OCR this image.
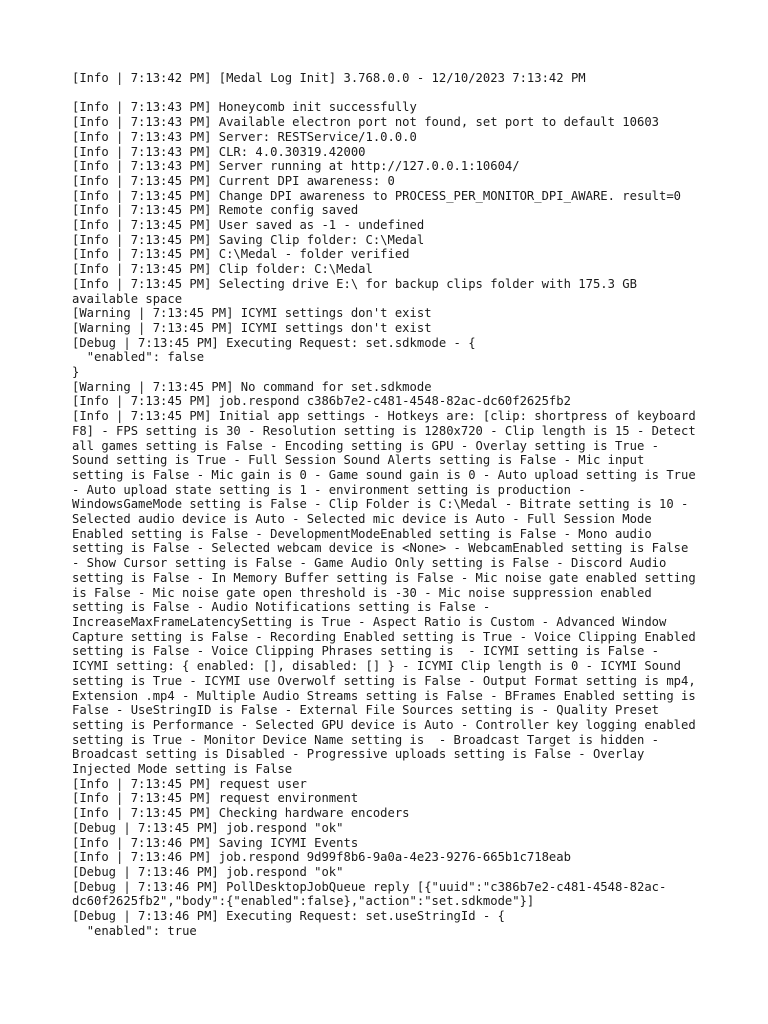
[Info | 7:13:42 PM] [Medal Log Init] 3.768.0.0 - 12/10/2023 7:13:42 PM
[Info | 7:13:43 PM] Honeycomb init successfully
[Info | 7:13:43 PM] Available electron port not found, set port to default 10603
[Info | 7:13:43 PM] Server: RESTService/1.0.0.0
[Info | 7:13:43 PM] CLR: 4.0.30319.42000
[Info | 7:13:43 PM] Server running at http://127.0.0.1:10604/
[Info | 7:13:45 PM] Current DPI awareness: 0
[Info | 7:13:45 PM] Change DPI awareness to PROCESS_PER_MONITOR_DPI_AWARE. result=0
[Info | 7:13:45 PM] Remote config saved
[Info | 7:13:45 PM] User saved as -1 - undefined
[Info | 7:13:45 PM] Saving Clip folder: C:\Medal
[Info | 7:13:45 PM] C:\Medal - folder verified
[Info | 7:13:45 PM] Clip folder: C:\Medal
[Info | 7:13:45 PM] Selecting drive E:\ for backup clips folder with 175.3 GB available space
[Warning | 7:13:45 PM] ICYMI settings don't exist
[Warning | 7:13:45 PM] ICYMI settings don't exist
[Debug | 7:13:45 PM] Executing Request: set.sdkmode - {
"enabled": false
}
[Warning | 7:13:45 PM] No command for set.sdkmode
[Info | 7:13:45 PM] job.respond c386b7e2-c481-4548-82ac-dc60f2625fb2
[Info | 7:13:45 PM] Initial app settings - Hotkeys are: [clip: shortpress of keyboard F8] - FPS setting is 30 - Resolution setting is 1280x720 - Clip length is 15 - Detect all games setting is False - Encoding setting is GPU - Overlay setting is True - Sound setting is True - Full Session Sound Alerts setting is False - Mic input setting is False - Mic gain is 0 - Game sound gain is 0 - Auto upload setting is True - Auto upload state setting is 1 - environment setting is production - WindowsGameMode setting is False - Clip Folder is C:\Medal - Bitrate setting is 10 - Selected audio device is Auto - Selected mic device is Auto - Full Session Mode Enabled setting is False - DevelopmentModeEnabled setting is False - Mono audio setting is False - Selected webcam device is <None> - WebcamEnabled setting is False - Show Cursor setting is False - Game Audio Only setting is False - Discord Audio setting is False - In Memory Buffer setting is False - Mic noise gate enabled setting is False - Mic noise gate open threshold is -30 - Mic noise suppression enabled setting is False - Audio Notifications setting is False - IncreaseMaxFrameLatencySetting is True - Aspect Ratio is Custom - Advanced Window Capture setting is False - Recording Enabled setting is True - Voice Clipping Enabled setting is False - Voice Clipping Phrases setting is  - ICYMI setting is False - ICYMI setting: { enabled: [], disabled: [] } - ICYMI Clip length is 0 - ICYMI Sound setting is True - ICYMI use Overwolf setting is False - Output Format setting is mp4, Extension .mp4 - Multiple Audio Streams setting is False - BFrames Enabled setting is False - UseStringID is False - External File Sources setting is - Quality Preset setting is Performance - Selected GPU device is Auto - Controller key logging enabled setting is True - Monitor Device Name setting is  - Broadcast Target is hidden - Broadcast setting is Disabled - Progressive uploads setting is False - Overlay Injected Mode setting is False
[Info | 7:13:45 PM] request user
[Info | 7:13:45 PM] request environment
[Info | 7:13:45 PM] Checking hardware encoders
[Debug | 7:13:45 PM] job.respond "ok"
[Info | 7:13:46 PM] Saving ICYMI Events
[Info | 7:13:46 PM] job.respond 9d99f8b6-9a0a-4e23-9276-665b1c718eab
[Debug | 7:13:46 PM] job.respond "ok"
[Debug | 7:13:46 PM] PollDesktopJobQueue reply [{"uuid":"c386b7e2-c481-4548-82ac-dc60f2625fb2","body":{"enabled":false},"action":"set.sdkmode"}]
[Debug | 7:13:46 PM] Executing Request: set.useStringId - {
"enabled": true
